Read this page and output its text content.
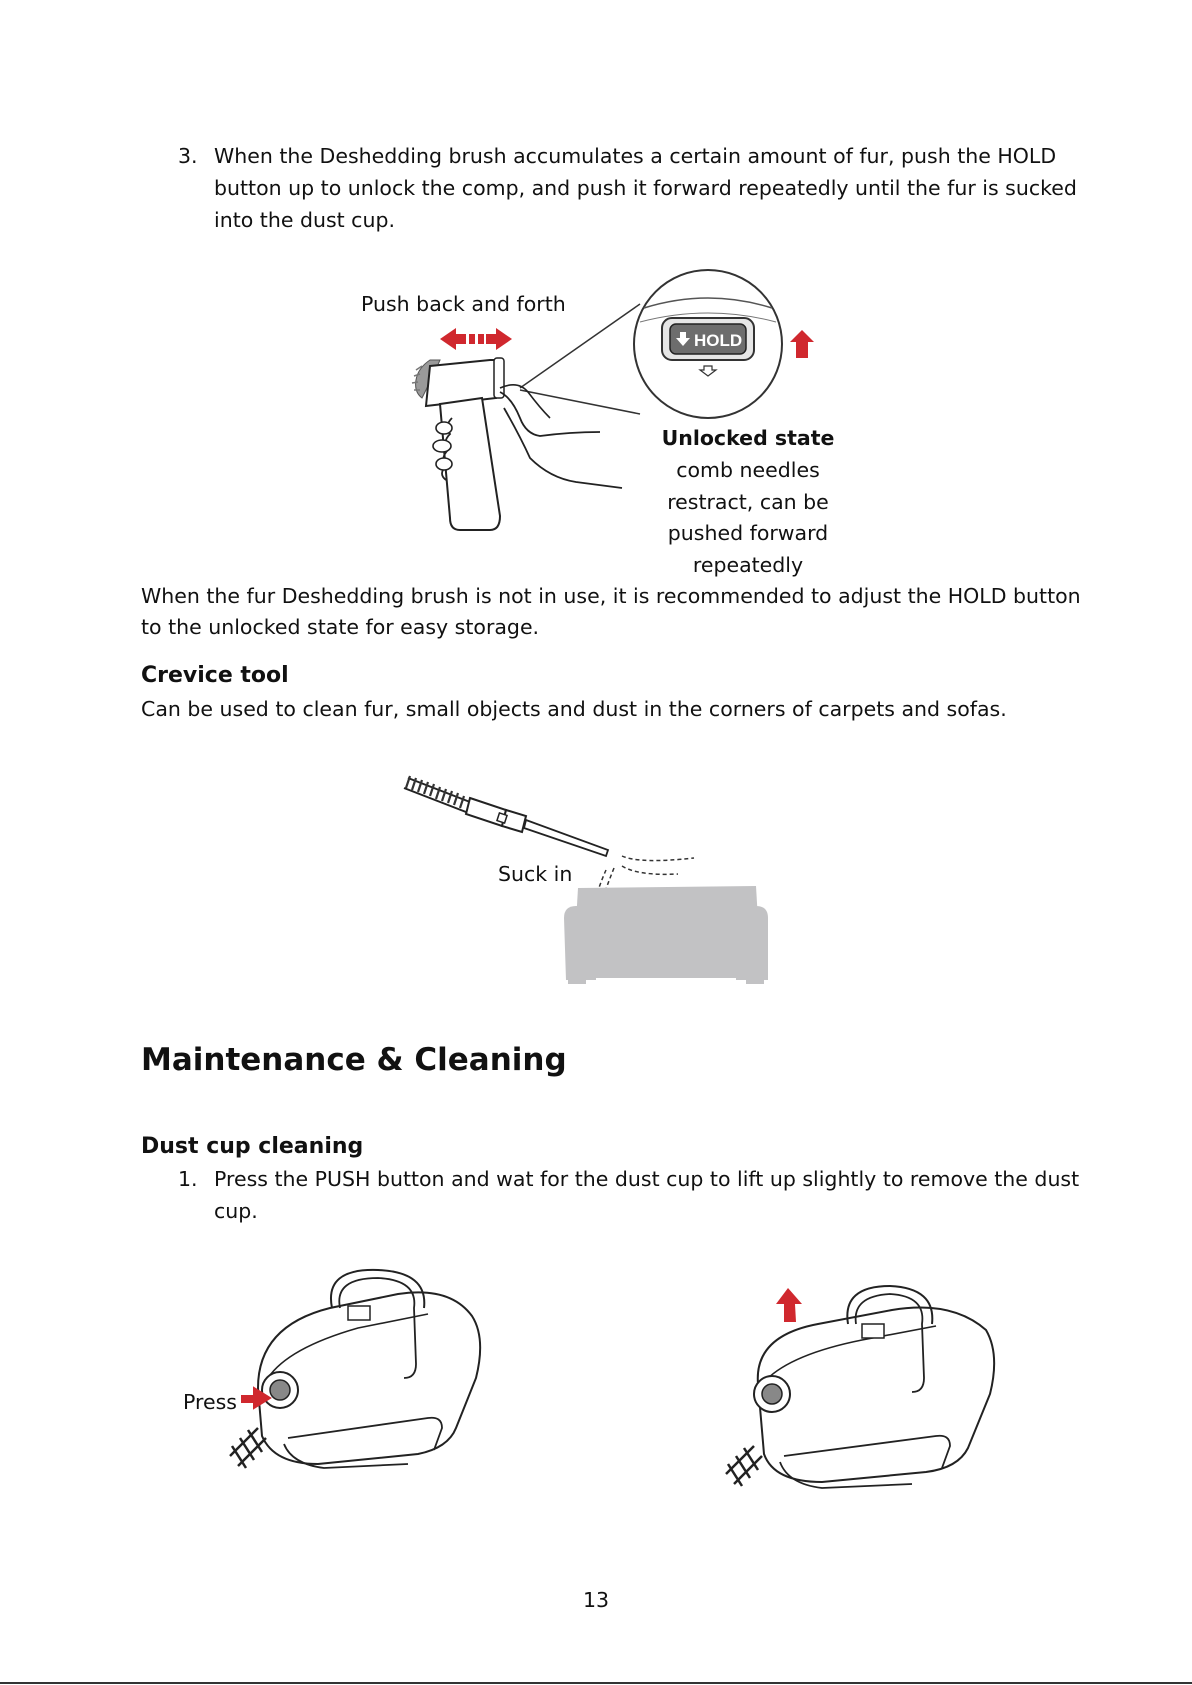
3. When the Deshedding brush accumulates a certain amount of fur, push the HOLD
button up to unlock the comp, and push it forward repeatedly until the fur is sucked
into the dust cup.
Push back and forth
HOLD
Unlocked state
comb needles
restract, can be
pushed forward
repeatedly
When the fur Deshedding brush is not in use, it is recommended to adjust the HOLD button
to the unlocked state for easy storage.
Crevice tool
Can be used to clean fur, small objects and dust in the corners of carpets and sofas.
Suck in
Maintenance & Cleaning
Dust cup cleaning
1. Press the PUSH button and wat for the dust cup to lift up slightly to remove the dust
cup.
Press
13
